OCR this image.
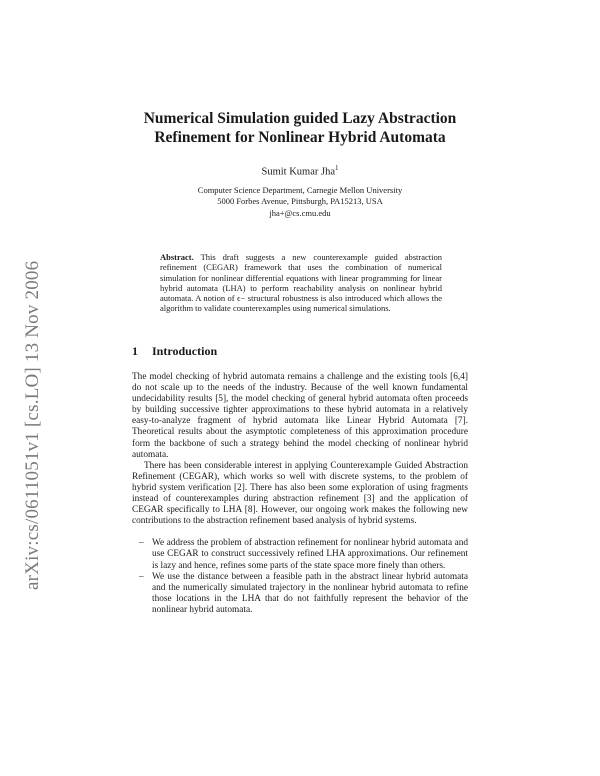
arXiv:cs/0611051v1 [cs.LO] 13 Nov 2006
Numerical Simulation guided Lazy Abstraction
Refinement for Nonlinear Hybrid Automata
Sumit Kumar Jha$^1$
Computer Science Department, Carnegie Mellon University
5000 Forbes Avenue, Pittsburgh, PA15213, USA
jha+@cs.cmu.edu
Abstract. This draft suggests a new counterexample guided abstraction refinement (CEGAR) framework that uses the combination of numerical simulation for nonlinear differential equations with linear programming for linear hybrid automata (LHA) to perform reachability analysis on nonlinear hybrid automata. A notion of ϵ− structural robustness is also introduced which allows the algorithm to validate counterexamples using numerical simulations.
1 Introduction

The model checking of hybrid automata remains a challenge and the existing tools [6,4] do not scale up to the needs of the industry. Because of the well known fundamental undecidability results [5], the model checking of general hybrid automata often proceeds by building successive tighter approximations to these hybrid automata in a relatively easy-to-analyze fragment of hybrid automata like Linear Hybrid Automata [7]. Theoretical results about the asymptotic completeness of this approximation procedure form the backbone of such a strategy behind the model checking of nonlinear hybrid automata.

There has been considerable interest in applying Counterexample Guided Abstraction Refinement (CEGAR), which works so well with discrete systems, to the problem of hybrid system verification [2]. There has also been some exploration of using fragments instead of counterexamples during abstraction refinement [3] and the application of CEGAR specifically to LHA [8]. However, our ongoing work makes the following new contributions to the abstraction refinement based analysis of hybrid systems.

– We address the problem of abstraction refinement for nonlinear hybrid automata and use CEGAR to construct successively refined LHA approximations. Our refinement is lazy and hence, refines some parts of the state space more finely than others.
– We use the distance between a feasible path in the abstract linear hybrid automata and the numerically simulated trajectory in the nonlinear hybrid automata to refine those locations in the LHA that do not faithfully represent the behavior of the nonlinear hybrid automata.
